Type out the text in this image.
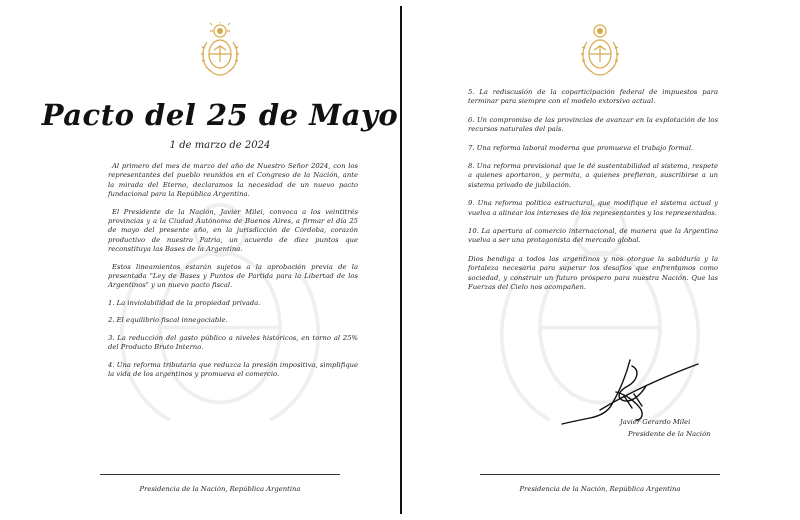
Pacto del 25 de Mayo
1 de marzo de 2024

Al primero del mes de marzo del año de Nuestro Señor 2024, con los representantes del pueblo reunidos en el Congreso de la Nación, ante la mirada del Eterno, declaramos la necesidad de un nuevo pacto fundacional para la República Argentina.

El Presidente de la Nación, Javier Milei, convoca a los veintitrés provincias y a la Ciudad Autónoma de Buenos Aires, a firmar el día 25 de mayo del presente año, en la jurisdicción de Córdoba, corazón productivo de nuestra Patria, un acuerdo de diez puntos que reconstituya las Bases de la Argentina.

Estos lineamientos estarán sujetos a la aprobación previa de la presentada "Ley de Bases y Puntos de Partida para la Libertad de los Argentinos" y un nuevo pacto fiscal.

1. La inviolabilidad de la propiedad privada.

2. El equilibrio fiscal innegociable.

3. La reducción del gasto público a niveles históricos, en torno al 25% del Producto Bruto Interno.

4. Una reforma tributaria que reduzca la presión impositiva, simplifique la vida de los argentinos y promueva el comercio.

Presidencia de la Nación, República Argentina

5. La rediscusión de la coparticipación federal de impuestos para terminar para siempre con el modelo extorsivo actual.

6. Un compromiso de las provincias de avanzar en la explotación de los recursos naturales del país.

7. Una reforma laboral moderna que promueva el trabajo formal.

8. Una reforma previsional que le dé sustentabilidad al sistema, respete a quienes aportaron, y permita, a quienes prefieran, suscribirse a un sistema privado de jubilación.

9. Una reforma política estructural, que modifique el sistema actual y vuelva a alinear los intereses de los representantes y los representados.

10. La apertura al comercio internacional, de manera que la Argentina vuelva a ser una protagonista del mercado global.

Dios bendiga a todos los argentinos y nos otorgue la sabiduría y la fortaleza necesaria para superar los desafíos que enfrentamos como sociedad, y construir un futuro próspero para nuestra Nación. Que las Fuerzas del Cielo nos acompañen.

Javier Gerardo Milei
Presidente de la Nación
Presidencia de la Nación, República Argentina
